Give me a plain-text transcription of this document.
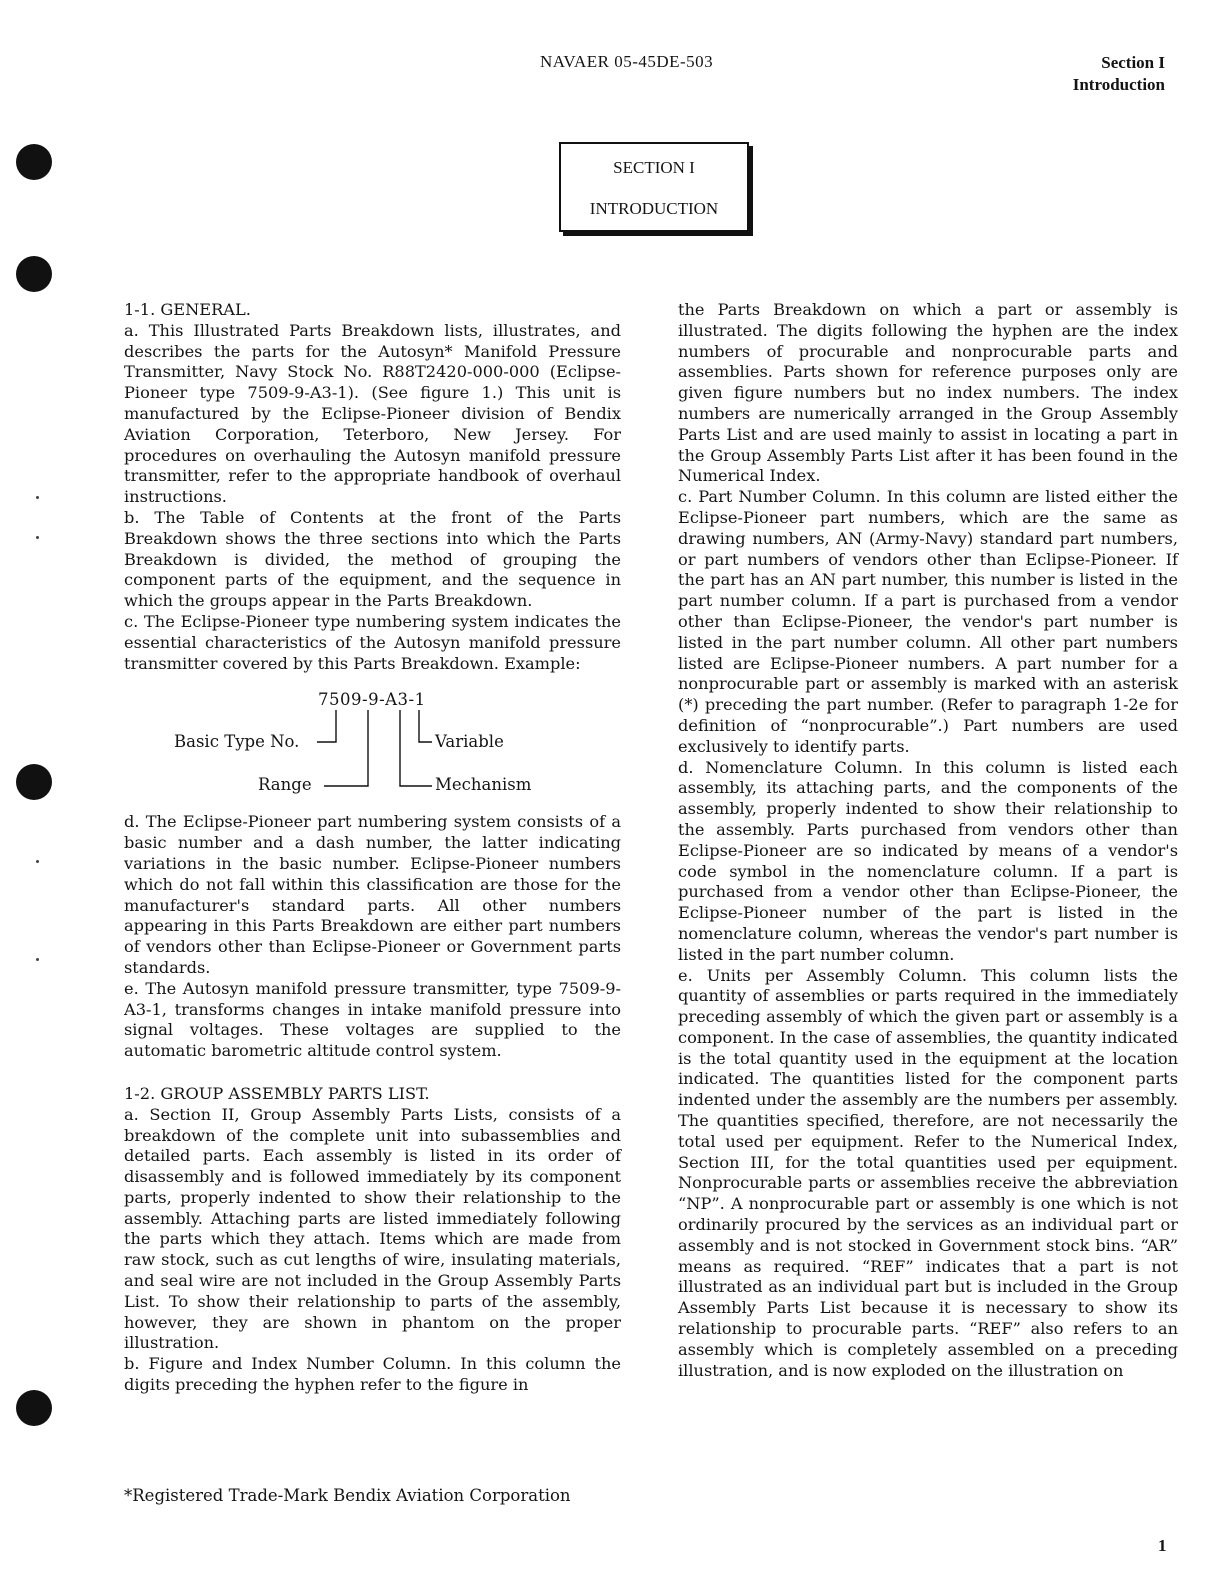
NAVAER 05-45DE-503	Section I
Introduction
SECTION I
INTRODUCTION

1-1. GENERAL.

a. This Illustrated Parts Breakdown lists, illustrates, and describes the parts for the Autosyn* Manifold Pressure Transmitter, Navy Stock No. R88T2420-000-000 (Eclipse-Pioneer type 7509-9-A3-1). (See figure 1.) This unit is manufactured by the Eclipse-Pioneer division of Bendix Aviation Corporation, Teterboro, New Jersey. For procedures on overhauling the Autosyn manifold pressure transmitter, refer to the appropriate handbook of overhaul instructions.

b. The Table of Contents at the front of the Parts Breakdown shows the three sections into which the Parts Breakdown is divided, the method of grouping the component parts of the equipment, and the sequence in which the groups appear in the Parts Breakdown.

c. The Eclipse-Pioneer type numbering system indicates the essential characteristics of the Autosyn manifold pressure transmitter covered by this Parts Breakdown. Example:

7509-9-A3-1
Basic Type No.
Range
Variable
Mechanism

d. The Eclipse-Pioneer part numbering system consists of a basic number and a dash number, the latter indicating variations in the basic number. Eclipse-Pioneer numbers which do not fall within this classification are those for the manufacturer's standard parts. All other numbers appearing in this Parts Breakdown are either part numbers of vendors other than Eclipse-Pioneer or Government parts standards.

e. The Autosyn manifold pressure transmitter, type 7509-9-A3-1, transforms changes in intake manifold pressure into signal voltages. These voltages are supplied to the automatic barometric altitude control system.

1-2. GROUP ASSEMBLY PARTS LIST.

a. Section II, Group Assembly Parts Lists, consists of a breakdown of the complete unit into subassemblies and detailed parts. Each assembly is listed in its order of disassembly and is followed immediately by its component parts, properly indented to show their relationship to the assembly. Attaching parts are listed immediately following the parts which they attach. Items which are made from raw stock, such as cut lengths of wire, insulating materials, and seal wire are not included in the Group Assembly Parts List. To show their relationship to parts of the assembly, however, they are shown in phantom on the proper illustration.

b. Figure and Index Number Column. In this column the digits preceding the hyphen refer to the figure in

the Parts Breakdown on which a part or assembly is illustrated. The digits following the hyphen are the index numbers of procurable and nonprocurable parts and assemblies. Parts shown for reference purposes only are given figure numbers but no index numbers. The index numbers are numerically arranged in the Group Assembly Parts List and are used mainly to assist in locating a part in the Group Assembly Parts List after it has been found in the Numerical Index.

c. Part Number Column. In this column are listed either the Eclipse-Pioneer part numbers, which are the same as drawing numbers, AN (Army-Navy) standard part numbers, or part numbers of vendors other than Eclipse-Pioneer. If the part has an AN part number, this number is listed in the part number column. If a part is purchased from a vendor other than Eclipse-Pioneer, the vendor's part number is listed in the part number column. All other part numbers listed are Eclipse-Pioneer numbers. A part number for a nonprocurable part or assembly is marked with an asterisk (*) preceding the part number. (Refer to paragraph 1-2e for definition of “nonprocurable”.) Part numbers are used exclusively to identify parts.

d. Nomenclature Column. In this column is listed each assembly, its attaching parts, and the components of the assembly, properly indented to show their relationship to the assembly. Parts purchased from vendors other than Eclipse-Pioneer are so indicated by means of a vendor's code symbol in the nomenclature column. If a part is purchased from a vendor other than Eclipse-Pioneer, the Eclipse-Pioneer number of the part is listed in the nomenclature column, whereas the vendor's part number is listed in the part number column.

e. Units per Assembly Column. This column lists the quantity of assemblies or parts required in the immediately preceding assembly of which the given part or assembly is a component. In the case of assemblies, the quantity indicated is the total quantity used in the equipment at the location indicated. The quantities listed for the component parts indented under the assembly are the numbers per assembly. The quantities specified, therefore, are not necessarily the total used per equipment. Refer to the Numerical Index, Section III, for the total quantities used per equipment. Nonprocurable parts or assemblies receive the abbreviation “NP”. A nonprocurable part or assembly is one which is not ordinarily procured by the services as an individual part or assembly and is not stocked in Government stock bins. “AR” means as required. “REF” indicates that a part is not illustrated as an individual part but is included in the Group Assembly Parts List because it is necessary to show its relationship to procurable parts. “REF” also refers to an assembly which is completely assembled on a preceding illustration, and is now exploded on the illustration on

*Registered Trade-Mark Bendix Aviation Corporation
1
